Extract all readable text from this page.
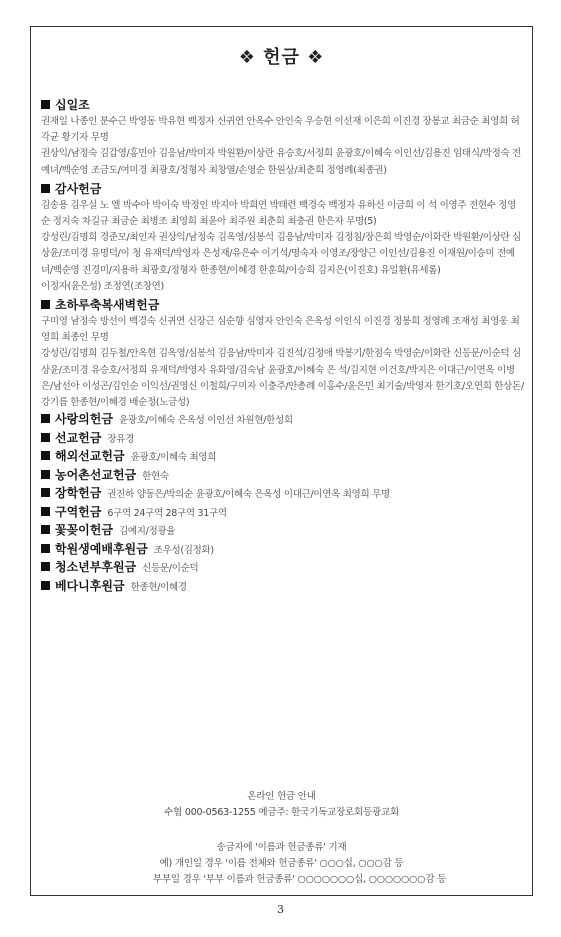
❖ 헌금 ❖
십일조

권재일 나종인 분수근 박영동 박유현 백정자 신귀연 안옥수 안인숙 우승현 이선재 이은희 이진경 장봉교 최금순 최영희 허각균 황기자 무명

권상익/남정숙 김갑영/홍민아 김응남/박미자 박원환/이상란 유승호/서정희 윤광호/이혜숙 이인선/김용진 임태식/박정숙 전예녀/백순영 조금도/여미경 최광호/정형자 최창열/손영순 한원상/최춘희 정영례(최종권)

감사헌금

김송용 김우실 노 엘 박수아 박이숙 박정인 박지아 박희연 박태련 백경숙 백정자 유하신 이금희 이 석 이영주 전현수 정영순 정지숙 차길규 최금순 최병조 최영희 최윤아 최주원 최춘희 최충권 한은자 무명(5)

강성린/김명희 경준모/최인자 권상익/남정숙 김옥영/심봉석 김응남/박미자 김정침/장은희 박영순/이화란 박원환/이상란 심상윤/조미경 유명덕/이 청 유재덕/박영자 은성재/유은수 이기석/명숙자 이영조/장양근 이인선/김용진 이재원/이승미 전예녀/백순영 진경미/지용하 최광호/정형자 한종현/이혜경 한훈희/이승희 김지은(이진호) 유일환(유세롬)

이정자(윤은성) 조정연(조창연)

초하루축복새벽헌금

구미영 남정숙 방선이 백경숙 신귀연 신장근 심순향 심영자 안인숙 은옥성 이인식 이진경 정봉희 정영례 조재성 최영웅 최영희 최종인 무명

강성린/김명희 김두철/안옥현 김옥영/심봉석 김응남/박미자 김진석/김정애 박봉기/한점숙 박영순/이화란 신등문/이순덕 심상윤/조미경 유승호/서정희 유재덕/박영자 유화영/김숙남 윤광호/이혜숙 은 석/김지현 이건호/박지은 이대근/이연옥 이병은/남선아 이성곤/김인순 이익선/권영신 이철희/구미자 이충주/안총례 이홍수/윤은민 최기술/박영자 한기호/오연희 한상돈/강기름 한종현/이혜경 배순정(노금성)

사랑의헌금 윤광호/이혜숙 은옥성 이인선 차원현/한성희
선교헌금 장유경
해외선교헌금 윤광호/이혜숙 최영희
농어촌선교헌금 한현숙
장학헌금 권진하 양동은/박의순 윤광호/이혜숙 은옥성 이대근/이연옥 최영희 무명
구역헌금 6구역 24구역 28구역 31구역
꽃꽂이헌금 김예지/정광율
학원생예배후원금 조우성(김정화)
청소년부후원금 신등문/이순덕
베다니후원금 한종현/이혜경
온라인 헌금 안내
수협 000-0563-1255 예금주: 한국기독교장로회등광교회
송금자에 '이름과 헌금종류' 기재
예) 개인일 경우 '이름 전체와 헌금종류' ○○○십, ○○○감 등
부부일 경우 '부부 이름과 헌금종류' ○○○○○○○십, ○○○○○○○감 등
3
